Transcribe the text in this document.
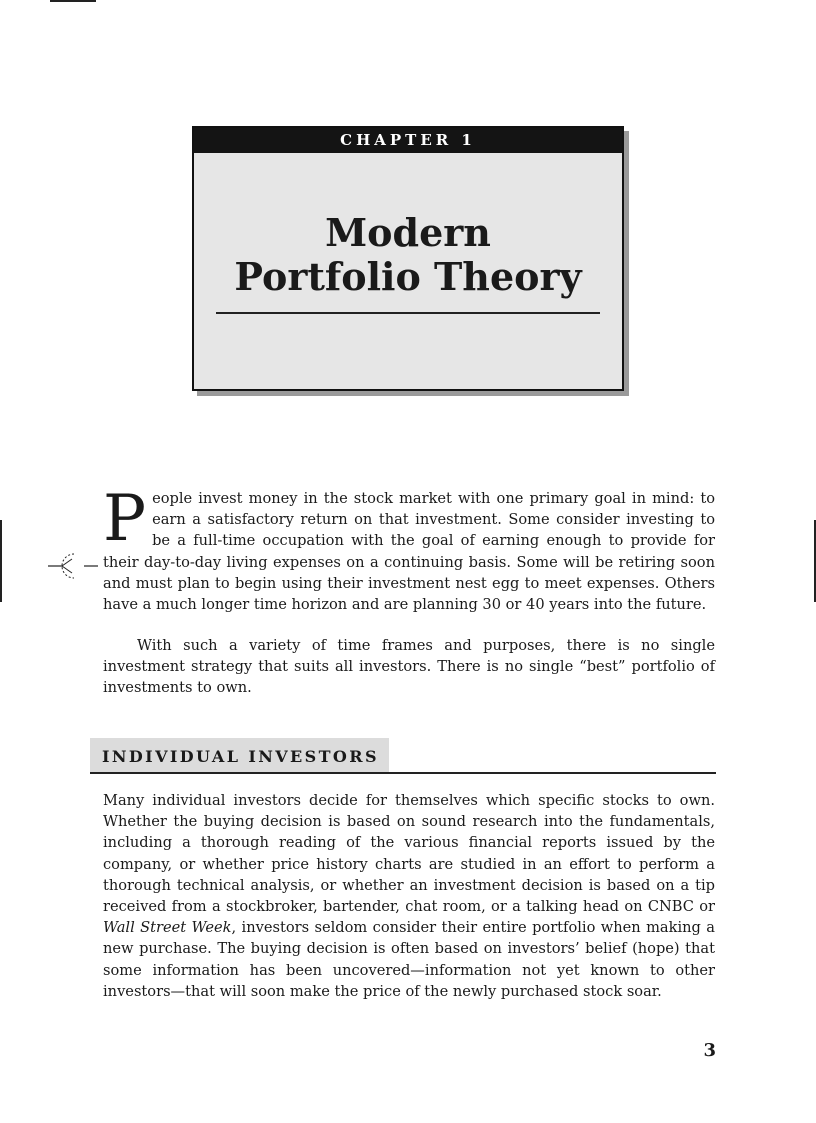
CHAPTER 1
Modern
Portfolio Theory
People invest money in the stock market with one primary goal in mind: to earn a satisfactory return on that investment. Some consider investing to be a full-time occupation with the goal of earning enough to provide for their day-to-day living expenses on a continuing basis. Some will be retiring soon and must plan to begin using their investment nest egg to meet expenses. Others have a much longer time horizon and are planning 30 or 40 years into the future.
With such a variety of time frames and purposes, there is no single investment strategy that suits all investors. There is no single “best” portfolio of investments to own.
INDIVIDUAL INVESTORS
Many individual investors decide for themselves which specific stocks to own. Whether the buying decision is based on sound research into the fundamentals, including a thorough reading of the various financial reports issued by the company, or whether price history charts are studied in an effort to perform a thorough technical analysis, or whether an investment decision is based on a tip received from a stockbroker, bartender, chat room, or a talking head on CNBC or Wall Street Week, investors seldom consider their entire portfolio when making a new purchase. The buying decision is often based on investors’ belief (hope) that some information has been uncovered—information not yet known to other investors—that will soon make the price of the newly purchased stock soar.
3
